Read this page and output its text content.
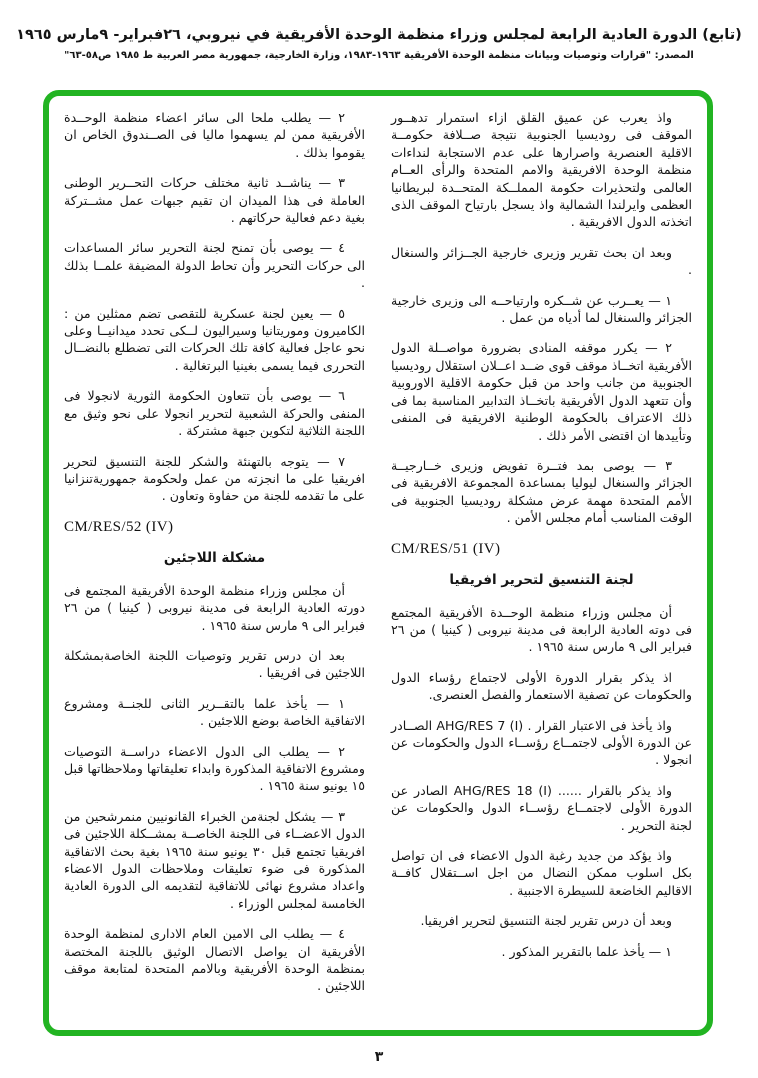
(تابع) الدورة العادية الرابعة لمجلس وزراء منظمة الوحدة الأفريقية في نيروبي، ٢٦فبراير- ٩مارس ١٩٦٥
المصدر: "قرارات وتوصيات وبيانات منظمة الوحدة الأفريقية ١٩٦٣-١٩٨٣، وزارة الخارجية، جمهورية مصر العربية ط ١٩٨٥ ص٥٨-٦٣"
واذ يعرب عن عميق القلق ازاء استمرار تدهــور الموقف فى روديسيا الجنوبية نتيجة صــلافة حكومــة الاقلية العنصرية واصرارها على عدم الاستجابة لنداءات منظمة الوحدة الافريقية والامم المتحدة والرأى العــام العالمى ولتحذيرات حكومة المملــكة المتحــدة لبريطانيا العظمى وايرلندا الشمالية واذ يسجل بارتياح الموقف الذى اتخذته الدول الافريقية .
وبعد ان بحث تقرير وزيرى خارجية الجــزائر والسنغال .
١ — يعــرب عن شــكره وارتياحــه الى وزيرى خارجية الجزائر والسنغال لما أدياه من عمل .
٢ — يكرر موقفه المنادى بضرورة مواصــلة الدول الأفريقية اتخــاذ موقف قوى ضــد اعــلان استقلال روديسيا الجنوبية من جانب واحد من قبل حكومة الاقلية الاوروبية وأن تتعهد الدول الأفريقية باتخــاذ التدابير المناسبة بما فى ذلك الاعتراف بالحكومة الوطنية الافريقية فى المنفى وتأييدها ان اقتضى الأمر ذلك .
٣ — يوصى بمد فتــرة تفويض وزيرى خــارجيــة الجزائر والسنغال ليوليا بمساعدة المجموعة الافريقية فى الأمم المتحدة مهمة عرض مشكلة روديسيا الجنوبية فى الوقت المناسب أمام مجلس الأمن .
CM/RES/51 (IV)
لجنة التنسيق لتحرير افريقيا
أن مجلس وزراء منظمة الوحــدة الأفريقية المجتمع فى دوته العادية الرابعة فى مدينة نيروبى ( كينيا ) من ٢٦ فبراير الى ٩ مارس سنة ١٩٦٥ .
اذ يذكر بقرار الدورة الأولى لاجتماع رؤساء الدول والحكومات عن تصفية الاستعمار والفصل العنصرى.
واذ يأخذ فى الاعتبار القرار . ‎AHG/RES 7 (I)‎ الصــادر عن الدورة الأولى لاجتمــاع رؤســاء الدول والحكومات عن انجولا .
واذ يذكر بالقرار ...... ‎AHG/RES 18 (I)‎ الصادر عن الدورة الأولى لاجتمــاع رؤســاء الدول والحكومات عن لجنة التحرير .
واذ يؤكد من جديد رغبة الدول الاعضاء فى ان تواصل بكل اسلوب ممكن النضال من اجل اســتقلال كافــة الاقاليم الخاضعة للسيطرة الاجنبية .
وبعد أن درس تقرير لجنة التنسيق لتحرير افريقيا.
١ — يأخذ علما بالتقرير المذكور .
٢ — يطلب ملحا الى سائر اعضاء منظمة الوحــدة الأفريقية ممن لم يسهموا ماليا فى الصــندوق الخاص ان يقوموا بذلك .
٣ — يناشــد ثانية مختلف حركات التحــرير الوطنى العاملة فى هذا الميدان ان تقيم جبهات عمل مشــتركة بغية دعم فعالية حركاتهم .
٤ — يوصى بأن تمنح لجنة التحرير سائر المساعدات الى حركات التحرير وأن تحاط الدولة المضيفة علمــا بذلك .
٥ — يعين لجنة عسكرية للتقصى تضم ممثلين من : الكاميرون وموريتانيا وسيراليون لــكى تحدد ميدانيــا وعلى نحو عاجل فعالية كافة تلك الحركات التى تضطلع بالنضــال التحررى فيما يسمى بغينيا البرتغالية .
٦ — يوصى بأن تتعاون الحكومة الثورية لانجولا فى المنفى والحركة الشعبية لتحرير انجولا على نحو وثيق مع اللجنة الثلاثية لتكوين جبهة مشتركة .
٧ — يتوجه بالتهنئة والشكر للجنة التنسيق لتحرير افريقيا على ما انجزته من عمل ولحكومة جمهوريةتنزانيا على ما تقدمه للجنة من حفاوة وتعاون .
CM/RES/52 (IV)
مشكلة اللاجئين
أن مجلس وزراء منظمة الوحدة الأفريقية المجتمع فى دورته العادية الرابعة فى مدينة نيروبى ( كينيا ) من ٢٦ فبراير الى ٩ مارس سنة ١٩٦٥ .
بعد ان درس تقرير وتوصيات اللجنة الخاصةبمشكلة اللاجئين فى افريقيا .
١ — يأخذ علما بالتقــرير الثانى للجنــة ومشروع الاتفاقية الخاصة بوضع اللاجئين .
٢ — يطلب الى الدول الاعضاء دراســة التوصيات ومشروع الاتفاقية المذكورة وابداء تعليقاتها وملاحظاتها قبل ١٥ يونيو سنة ١٩٦٥ .
٣ — يشكل لجنةمن الخبراء القانونيين منمرشحين من الدول الاعضــاء فى اللجنة الخاصــة بمشــكلة اللاجئين فى افريقيا تجتمع قبل ٣٠ يونيو سنة ١٩٦٥ بغية بحث الاتفاقية المذكورة فى ضوء تعليقات وملاحظات الدول الاعضاء واعداد مشروع نهائى للاتفاقية لتقديمه الى الدورة العادية الخامسة لمجلس الوزراء .
٤ — يطلب الى الامين العام الادارى لمنظمة الوحدة الأفريقية ان يواصل الاتصال الوثيق باللجنة المختصة بمنظمة الوحدة الأفريقية وبالامم المتحدة لمتابعة موقف اللاجئين .
٣
